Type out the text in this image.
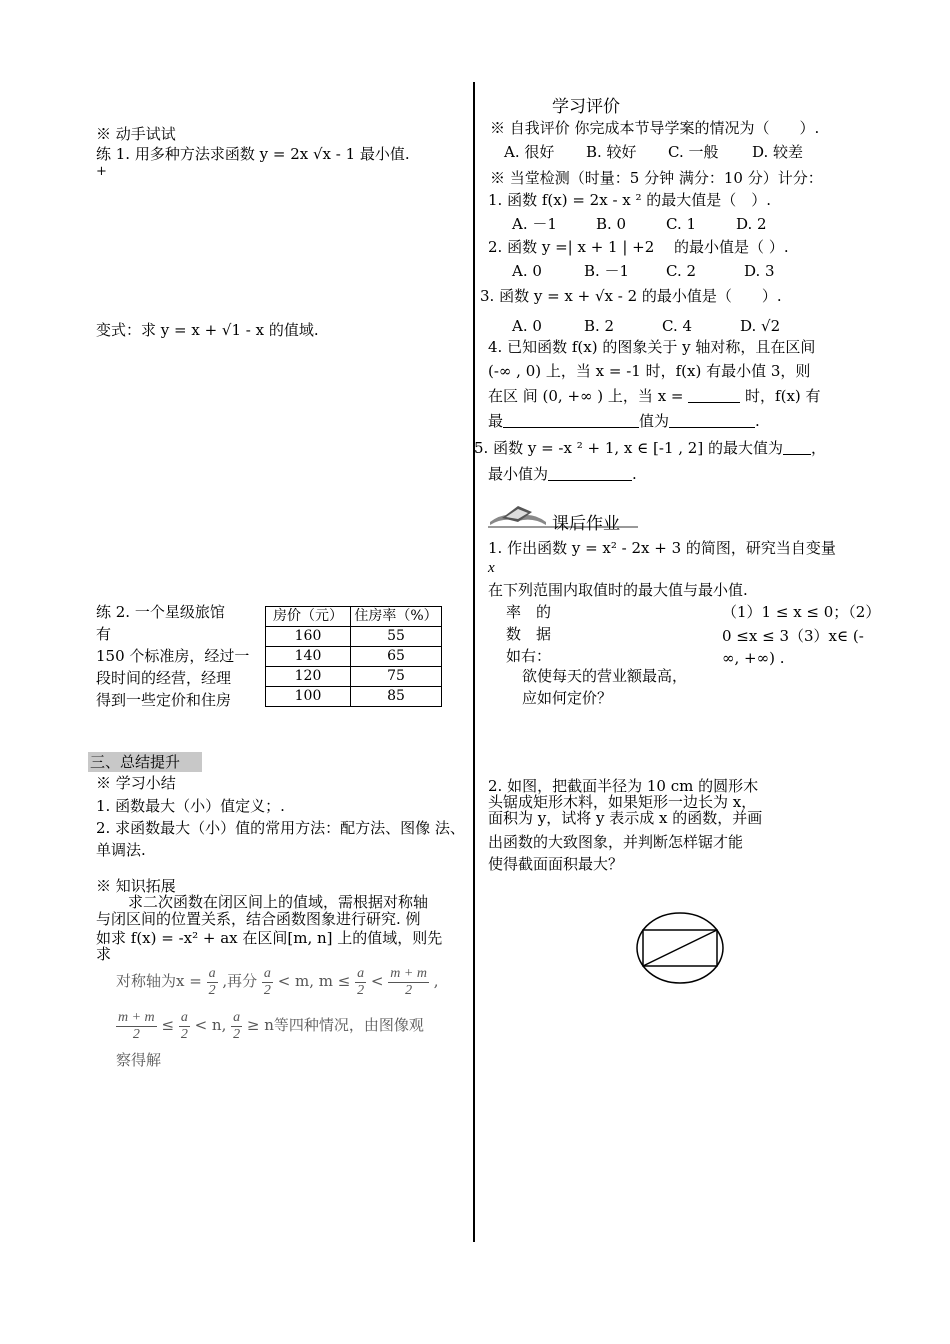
※ 动手试试
练 1. 用多种方法求函数 y = 2x √x - 1 最小值.
+
变式：求 y = x + √1 - x 的值域.
练 2. 一个星级旅馆
有
150 个标准房，经过一
段时间的经营，经理
得到一些定价和住房
房价（元）	住房率（%）
160	55
140	65
120	75
100	85
三、总结提升
※ 学习小结
1. 函数最大（小）值定义；.
2. 求函数最大（小）值的常用方法：配方法、图像 法、
单调法.
※ 知识拓展
求二次函数在闭区间上的值域，需根据对称轴
与闭区间的位置关系，结合函数图象进行研究. 例
如求 f(x) = -x² + ax 在区间[m, n] 上的值域，则先
求
对称轴为$x = \frac{a}{2}$ ,再分 $\frac{a}{2} < m$, $m \le \frac{a}{2} < \frac{m + m}{2}$ ,
$\frac{m + m}{2} \le \frac{a}{2} < n$, $\frac{a}{2} \ge n$等四种情况，由图像观
察得解
学习评价
※ 自我评价 你完成本节导学案的情况为（　　）.
A. 很好 B. 较好 C. 一般 D. 较差
※ 当堂检测（时量：5 分钟 满分：10 分）计分：
1. 函数 f(x) = 2x - x ² 的最大值是（　）.
A. －1	B. 0	C. 1	D. 2
2. 函数 y =| x + 1 | +2 　的最小值是（ ）.
A. 0	B. －1 C. 2	D. 3
3. 函数 y = x + √x - 2 的最小值是（　　）.
A. 0	B. 2	C. 4	D. √2
4. 已知函数 f(x) 的图象关于 y 轴对称，且在区间
(-∞ , 0) 上，当 x = -1 时，f(x) 有最小值 3，则
在区 间 (0, +∞ ) 上，当 x =	时，f(x) 有
最	值为	.
5. 函数 y = -x ² + 1, x ∈ [-1 , 2] 的最大值为 ，
最小值为	.
课后作业
1. 作出函数 y = x² - 2x + 3 的简图，研究当自变量
x
在下列范围内取值时的最大值与最小值.
率　的
数　据
如右：
（1）1 ≤ x ≤ 0；（2）
0 ≤x ≤ 3（3）x∈ (-
∞, +∞) .
欲使每天的营业额最高，
应如何定价？
2. 如图，把截面半径为 10 cm 的圆形木
头锯成矩形木料，如果矩形一边长为 x，
面积为 y，试将 y 表示成 x 的函数，并画
出函数的大致图象，并判断怎样锯才能
使得截面面积最大？
